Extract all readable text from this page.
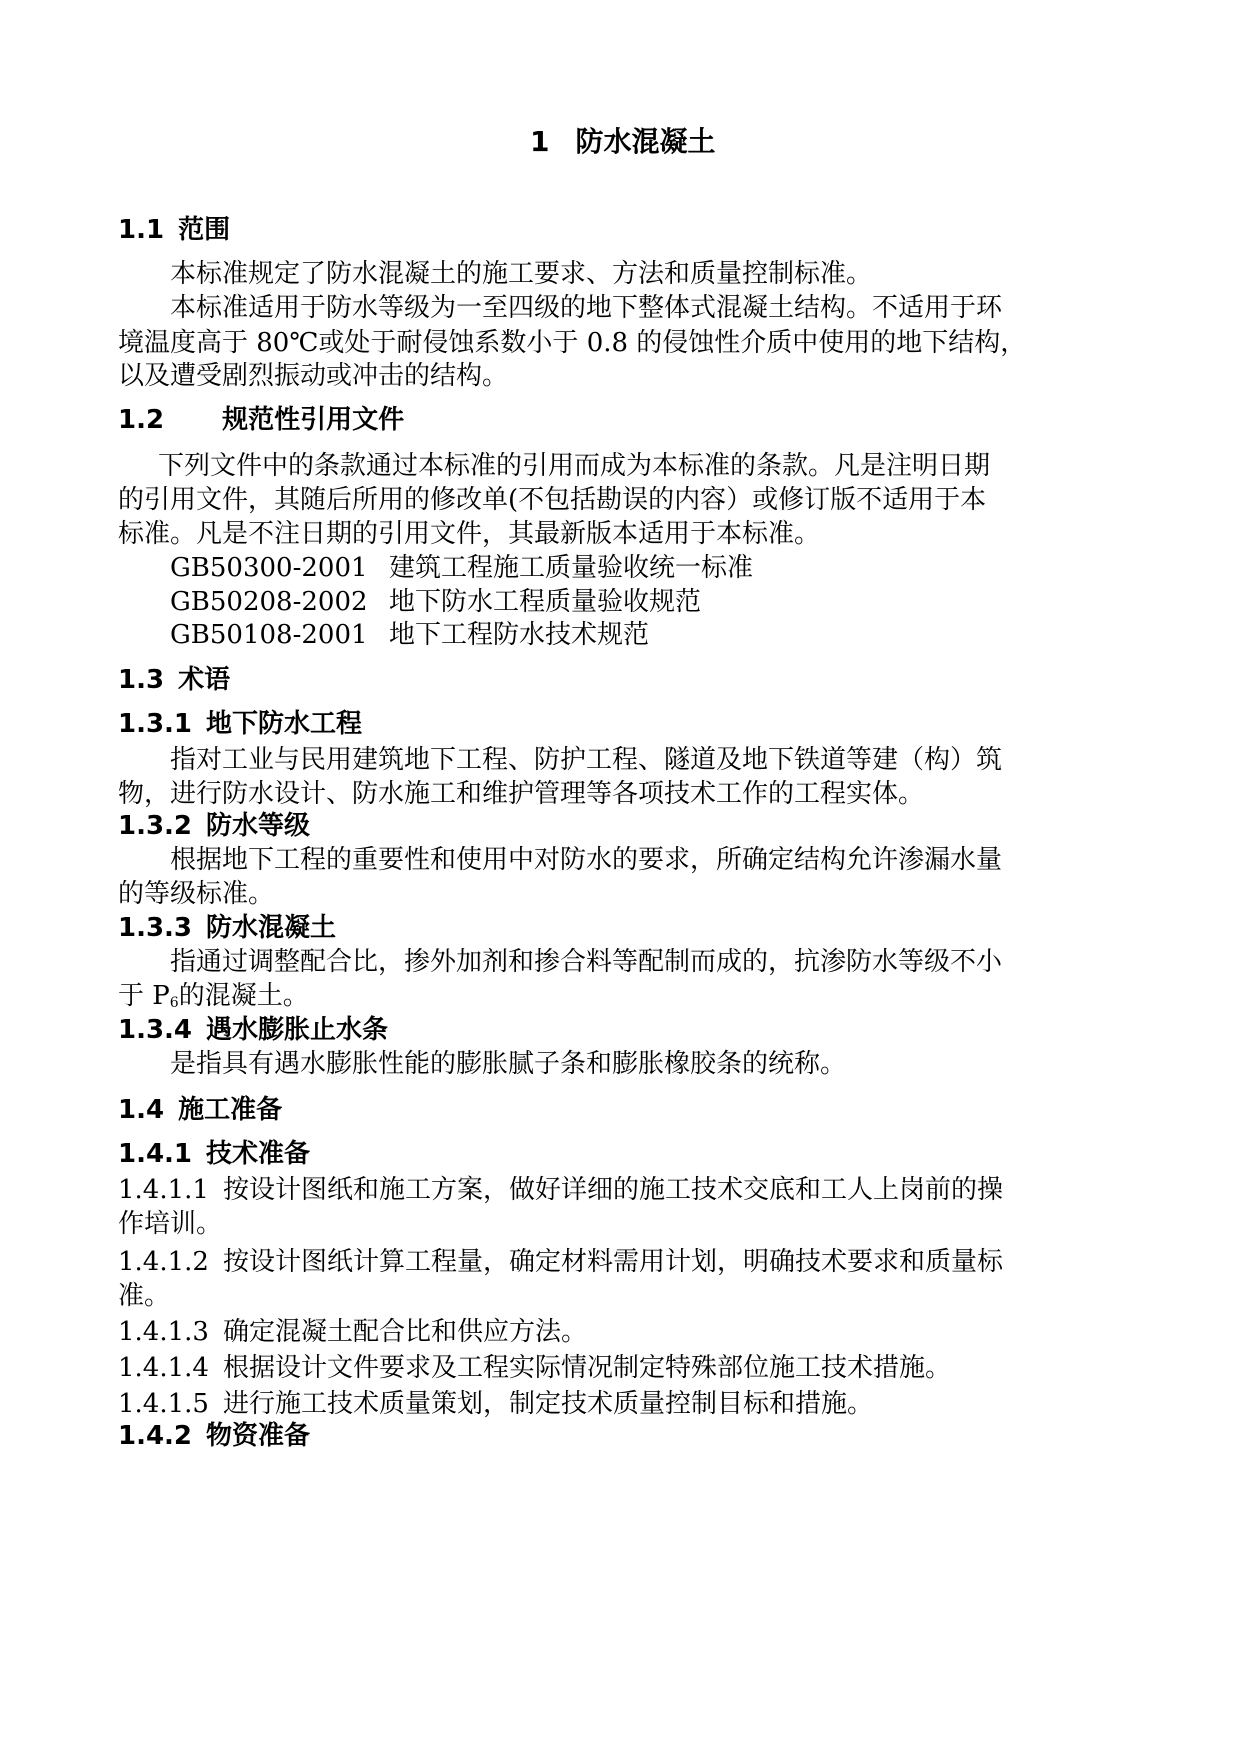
1 防水混凝土
1.1 范围
本标准规定了防水混凝土的施工要求、方法和质量控制标准。
本标准适用于防水等级为一至四级的地下整体式混凝土结构。不适用于环
境温度高于 80℃或处于耐侵蚀系数小于 0.8 的侵蚀性介质中使用的地下结构，
以及遭受剧烈振动或冲击的结构。
1.2 规范性引用文件
下列文件中的条款通过本标准的引用而成为本标准的条款。凡是注明日期
的引用文件，其随后所用的修改单(不包括勘误的内容）或修订版不适用于本
标准。凡是不注日期的引用文件，其最新版本适用于本标准。
GB50300-2001 建筑工程施工质量验收统一标准
GB50208-2002 地下防水工程质量验收规范
GB50108-2001 地下工程防水技术规范
1.3 术语
1.3.1 地下防水工程
指对工业与民用建筑地下工程、防护工程、隧道及地下铁道等建（构）筑
物，进行防水设计、防水施工和维护管理等各项技术工作的工程实体。
1.3.2 防水等级
根据地下工程的重要性和使用中对防水的要求，所确定结构允许渗漏水量
的等级标准。
1.3.3 防水混凝土
指通过调整配合比，掺外加剂和掺合料等配制而成的，抗渗防水等级不小
于 $P_6$的混凝土。
1.3.4 遇水膨胀止水条
是指具有遇水膨胀性能的膨胀腻子条和膨胀橡胶条的统称。
1.4 施工准备
1.4.1 技术准备
1.4.1.1 按设计图纸和施工方案，做好详细的施工技术交底和工人上岗前的操
作培训。
1.4.1.2 按设计图纸计算工程量，确定材料需用计划，明确技术要求和质量标
准。
1.4.1.3 确定混凝土配合比和供应方法。
1.4.1.4 根据设计文件要求及工程实际情况制定特殊部位施工技术措施。
1.4.1.5 进行施工技术质量策划，制定技术质量控制目标和措施。
1.4.2 物资准备
